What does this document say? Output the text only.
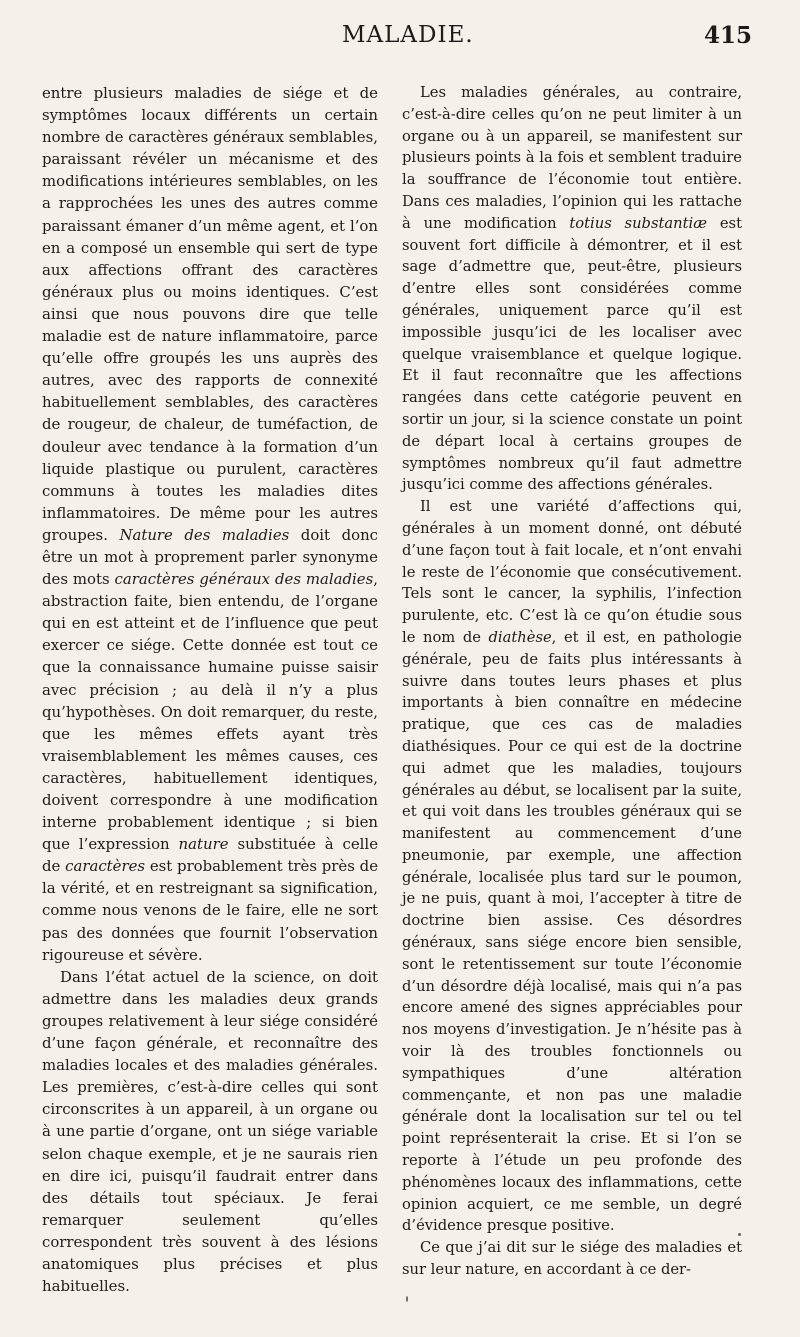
MALADIE.	415

entre plusieurs maladies de siége et de symptômes locaux différents un certain nombre de caractères généraux semblables, paraissant révéler un mécanisme et des modifications intérieures semblables, on les a rapprochées les unes des autres comme paraissant émaner d’un même agent, et l’on en a composé un ensemble qui sert de type aux affections offrant des caractères généraux plus ou moins identiques. C’est ainsi que nous pouvons dire que telle maladie est de nature inflammatoire, parce qu’elle offre groupés les uns auprès des autres, avec des rapports de connexité habituellement semblables, des caractères de rougeur, de chaleur, de tuméfaction, de douleur avec tendance à la formation d’un liquide plastique ou purulent, caractères communs à toutes les maladies dites inflammatoires. De même pour les autres groupes. Nature des maladies doit donc être un mot à proprement parler synonyme des mots caractères généraux des maladies, abstraction faite, bien entendu, de l’organe qui en est atteint et de l’influence que peut exercer ce siége. Cette donnée est tout ce que la connaissance humaine puisse saisir avec précision ; au delà il n’y a plus qu’hypothèses. On doit remarquer, du reste, que les mêmes effets ayant très vraisemblablement les mêmes causes, ces caractères, habituellement identiques, doivent correspondre à une modification interne probablement identique ; si bien que l’expression nature substituée à celle de caractères est probablement très près de la vérité, et en restreignant sa signification, comme nous venons de le faire, elle ne sort pas des données que fournit l’observation rigoureuse et sévère.

Dans l’état actuel de la science, on doit admettre dans les maladies deux grands groupes relativement à leur siége considéré d’une façon générale, et reconnaître des maladies locales et des maladies générales. Les premières, c’est-à-dire celles qui sont circonscrites à un appareil, à un organe ou à une partie d’organe, ont un siége variable selon chaque exemple, et je ne saurais rien en dire ici, puisqu’il faudrait entrer dans des détails tout spéciaux. Je ferai remarquer seulement qu’elles correspondent très souvent à des lésions anatomiques plus précises et plus habituelles.

Les maladies générales, au contraire, c’est-à-dire celles qu’on ne peut limiter à un organe ou à un appareil, se manifestent sur plusieurs points à la fois et semblent traduire la souffrance de l’économie tout entière. Dans ces maladies, l’opinion qui les rattache à une modification totius substantiæ est souvent fort difficile à démontrer, et il est sage d’admettre que, peut-être, plusieurs d’entre elles sont considérées comme générales, uniquement parce qu’il est impossible jusqu’ici de les localiser avec quelque vraisemblance et quelque logique. Et il faut reconnaître que les affections rangées dans cette catégorie peuvent en sortir un jour, si la science constate un point de départ local à certains groupes de symptômes nombreux qu’il faut admettre jusqu’ici comme des affections générales.

Il est une variété d’affections qui, générales à un moment donné, ont débuté d’une façon tout à fait locale, et n’ont envahi le reste de l’économie que consécutivement. Tels sont le cancer, la syphilis, l’infection purulente, etc. C’est là ce qu’on étudie sous le nom de diathèse, et il est, en pathologie générale, peu de faits plus intéressants à suivre dans toutes leurs phases et plus importants à bien connaître en médecine pratique, que ces cas de maladies diathésiques. Pour ce qui est de la doctrine qui admet que les maladies, toujours générales au début, se localisent par la suite, et qui voit dans les troubles généraux qui se manifestent au commencement d’une pneumonie, par exemple, une affection générale, localisée plus tard sur le poumon, je ne puis, quant à moi, l’accepter à titre de doctrine bien assise. Ces désordres généraux, sans siége encore bien sensible, sont le retentissement sur toute l’économie d’un désordre déjà localisé, mais qui n’a pas encore amené des signes appréciables pour nos moyens d’investigation. Je n’hésite pas à voir là des troubles fonctionnels ou sympathiques d’une altération commençante, et non pas une maladie générale dont la localisation sur tel ou tel point représenterait la crise. Et si l’on se reporte à l’étude un peu profonde des phénomènes locaux des inflammations, cette opinion acquiert, ce me semble, un degré d’évidence presque positive.

Ce que j’ai dit sur le siége des maladies et sur leur nature, en accordant à ce der-
